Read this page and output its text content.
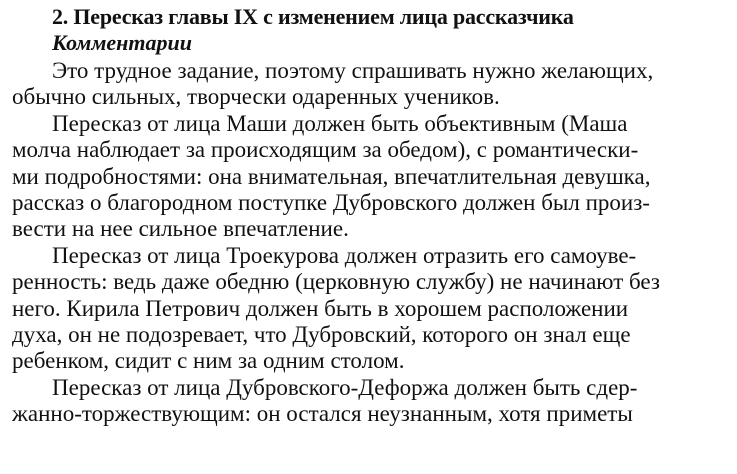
2. Пересказ главы IX с изменением лица рассказчика
Комментарии

Это трудное задание, поэтому спрашивать нужно желающих,
обычно сильных, творчески одаренных учеников.

Пересказ от лица Маши должен быть объективным (Маша
молча наблюдает за происходящим за обедом), с романтически-
ми подробностями: она внимательная, впечатлительная девушка,
рассказ о благородном поступке Дубровского должен был произ-
вести на нее сильное впечатление.

Пересказ от лица Троекурова должен отразить его самоуве-
ренность: ведь даже обедню (церковную службу) не начинают без
него. Кирила Петрович должен быть в хорошем расположении
духа, он не подозревает, что Дубровский, которого он знал еще
ребенком, сидит с ним за одним столом.

Пересказ от лица Дубровского-Дефоржа должен быть сдер-
жанно-торжествующим: он остался неузнанным, хотя приметы
